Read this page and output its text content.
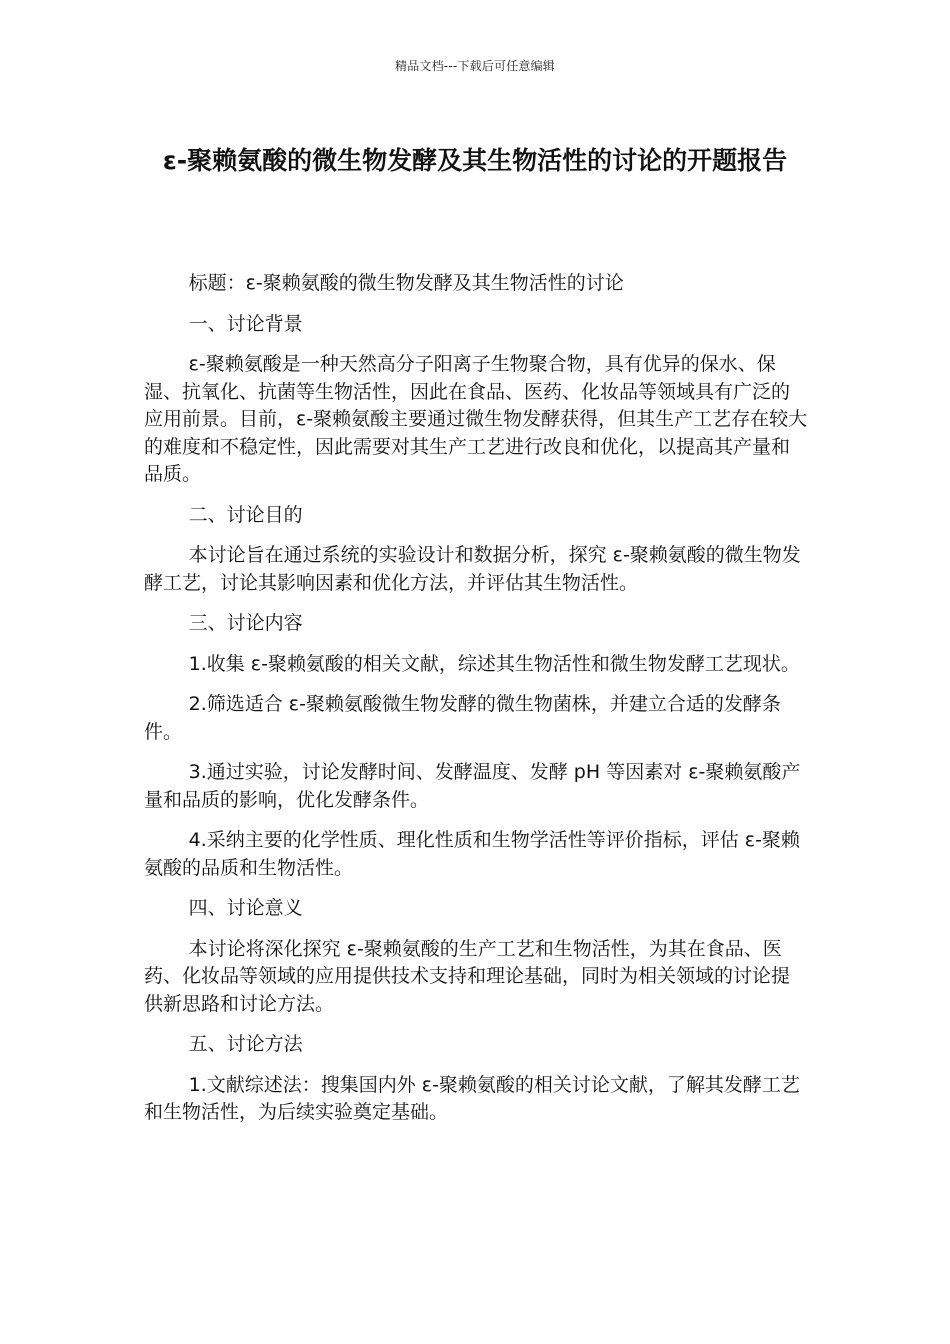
精品文档---下载后可任意编辑
ε-聚赖氨酸的微生物发酵及其生物活性的讨论的开题报告

标题：ε-聚赖氨酸的微生物发酵及其生物活性的讨论

一、讨论背景

ε-聚赖氨酸是一种天然高分子阳离子生物聚合物，具有优异的保水、保湿、抗氧化、抗菌等生物活性，因此在食品、医药、化妆品等领域具有广泛的应用前景。目前，ε-聚赖氨酸主要通过微生物发酵获得，但其生产工艺存在较大的难度和不稳定性，因此需要对其生产工艺进行改良和优化，以提高其产量和品质。

二、讨论目的

本讨论旨在通过系统的实验设计和数据分析，探究 ε-聚赖氨酸的微生物发酵工艺，讨论其影响因素和优化方法，并评估其生物活性。

三、讨论内容

1.收集 ε-聚赖氨酸的相关文献，综述其生物活性和微生物发酵工艺现状。

2.筛选适合 ε-聚赖氨酸微生物发酵的微生物菌株，并建立合适的发酵条件。

3.通过实验，讨论发酵时间、发酵温度、发酵 pH 等因素对 ε-聚赖氨酸产量和品质的影响，优化发酵条件。

4.采纳主要的化学性质、理化性质和生物学活性等评价指标，评估 ε-聚赖氨酸的品质和生物活性。

四、讨论意义

本讨论将深化探究 ε-聚赖氨酸的生产工艺和生物活性，为其在食品、医药、化妆品等领域的应用提供技术支持和理论基础，同时为相关领域的讨论提供新思路和讨论方法。

五、讨论方法

1.文献综述法：搜集国内外 ε-聚赖氨酸的相关讨论文献，了解其发酵工艺和生物活性，为后续实验奠定基础。
